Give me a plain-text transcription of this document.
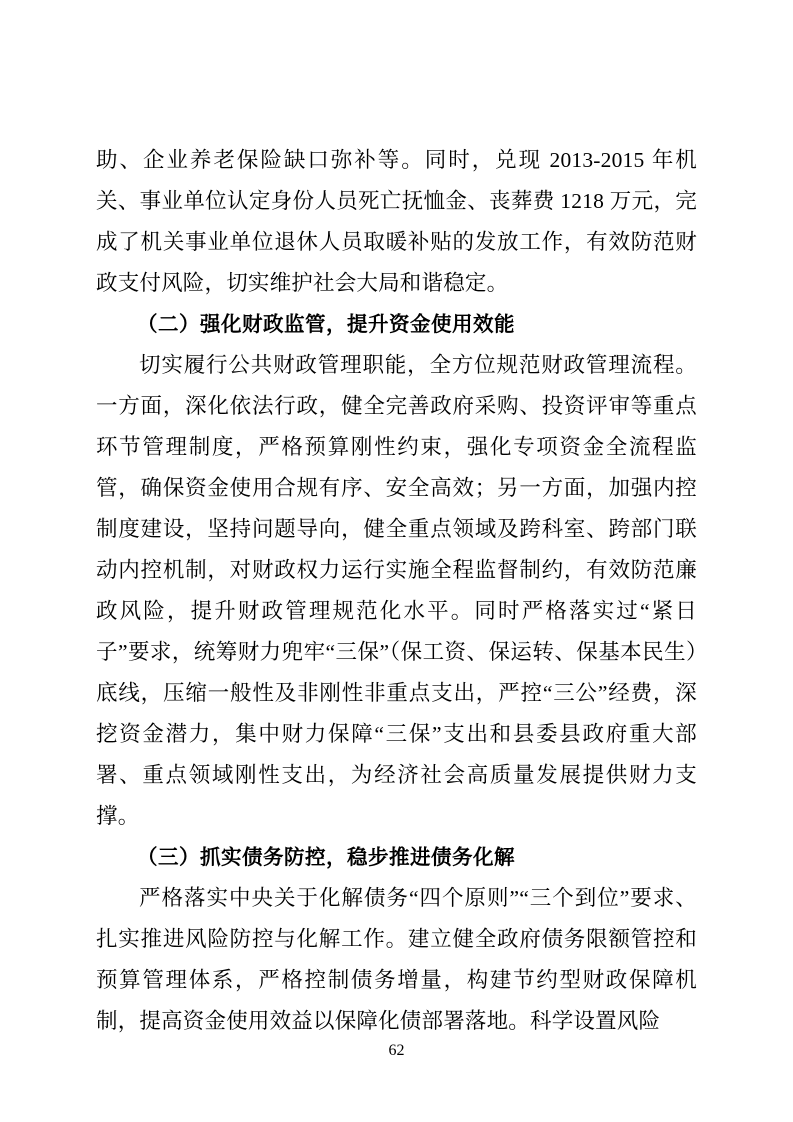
助、企业养老保险缺口弥补等。同时，兑现 2013-2015 年机关、事业单位认定身份人员死亡抚恤金、丧葬费 1218 万元，完成了机关事业单位退休人员取暖补贴的发放工作，有效防范财政支付风险，切实维护社会大局和谐稳定。

（二）强化财政监管，提升资金使用效能

切实履行公共财政管理职能，全方位规范财政管理流程。一方面，深化依法行政，健全完善政府采购、投资评审等重点环节管理制度，严格预算刚性约束，强化专项资金全流程监管，确保资金使用合规有序、安全高效；另一方面，加强内控制度建设，坚持问题导向，健全重点领域及跨科室、跨部门联动内控机制，对财政权力运行实施全程监督制约，有效防范廉政风险，提升财政管理规范化水平。同时严格落实过“紧日子”要求，统筹财力兜牢“三保”（保工资、保运转、保基本民生）底线，压缩一般性及非刚性非重点支出，严控“三公”经费，深挖资金潜力，集中财力保障“三保”支出和县委县政府重大部署、重点领域刚性支出，为经济社会高质量发展提供财力支撑。

（三）抓实债务防控，稳步推进债务化解

严格落实中央关于化解债务“四个原则”“三个到位”要求、扎实推进风险防控与化解工作。建立健全政府债务限额管控和预算管理体系，严格控制债务增量，构建节约型财政保障机制，提高资金使用效益以保障化债部署落地。科学设置风险

62
